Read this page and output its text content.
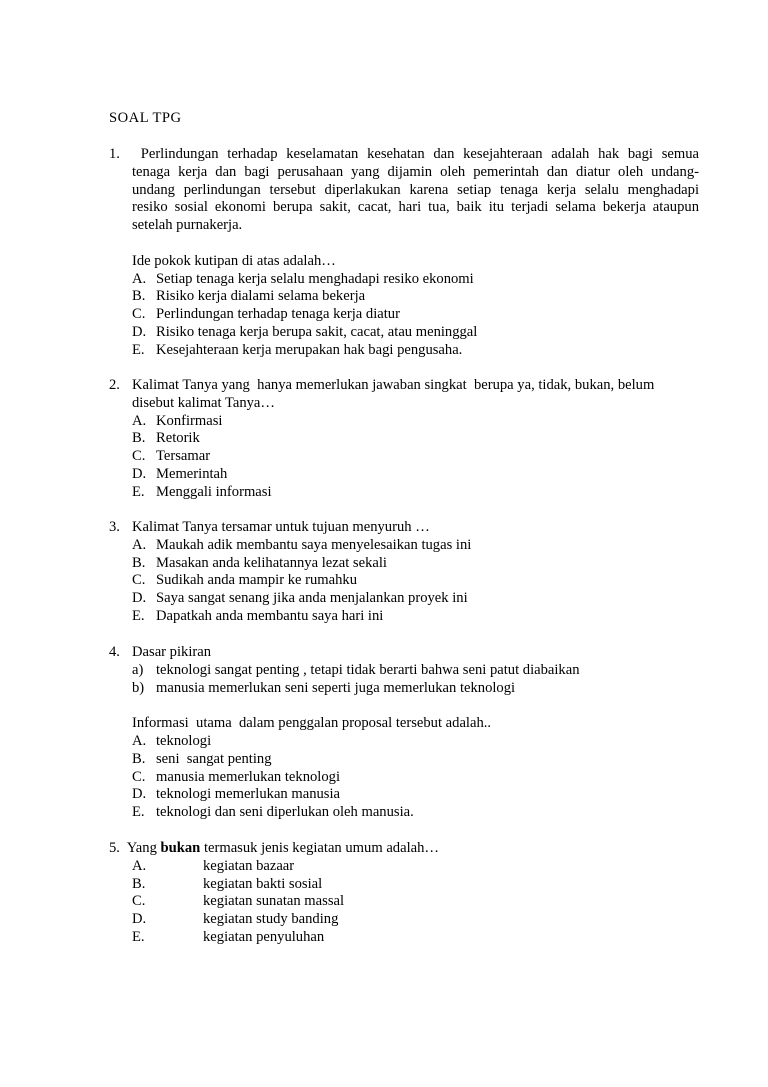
SOAL TPG
1. Perlindungan terhadap keselamatan kesehatan dan kesejahteraan adalah hak bagi semua
tenaga kerja dan bagi perusahaan yang dijamin oleh pemerintah dan diatur oleh undang-
undang perlindungan tersebut diperlakukan karena setiap tenaga kerja selalu menghadapi
resiko sosial ekonomi berupa sakit, cacat, hari tua, baik itu terjadi selama bekerja ataupun
setelah purnakerja.
Ide pokok kutipan di atas adalah…
A. Setiap tenaga kerja selalu menghadapi resiko ekonomi
B. Risiko kerja dialami selama bekerja
C. Perlindungan terhadap tenaga kerja diatur
D. Risiko tenaga kerja berupa sakit, cacat, atau meninggal
E. Kesejahteraan kerja merupakan hak bagi pengusaha.
2. Kalimat Tanya yang  hanya memerlukan jawaban singkat  berupa ya, tidak, bukan, belum
disebut kalimat Tanya…
A. Konfirmasi
B. Retorik
C. Tersamar
D. Memerintah
E. Menggali informasi
3. Kalimat Tanya tersamar untuk tujuan menyuruh …
A. Maukah adik membantu saya menyelesaikan tugas ini
B. Masakan anda kelihatannya lezat sekali
C. Sudikah anda mampir ke rumahku
D. Saya sangat senang jika anda menjalankan proyek ini
E. Dapatkah anda membantu saya hari ini
4. Dasar pikiran
a) teknologi sangat penting , tetapi tidak berarti bahwa seni patut diabaikan
b) manusia memerlukan seni seperti juga memerlukan teknologi
Informasi  utama  dalam penggalan proposal tersebut adalah..
A. teknologi
B. seni  sangat penting
C. manusia memerlukan teknologi
D. teknologi memerlukan manusia
E. teknologi dan seni diperlukan oleh manusia.
5. Yang bukan termasuk jenis kegiatan umum adalah…
A.	kegiatan bazaar
B.	kegiatan bakti sosial
C.	kegiatan sunatan massal
D.	kegiatan study banding
E.	kegiatan penyuluhan
